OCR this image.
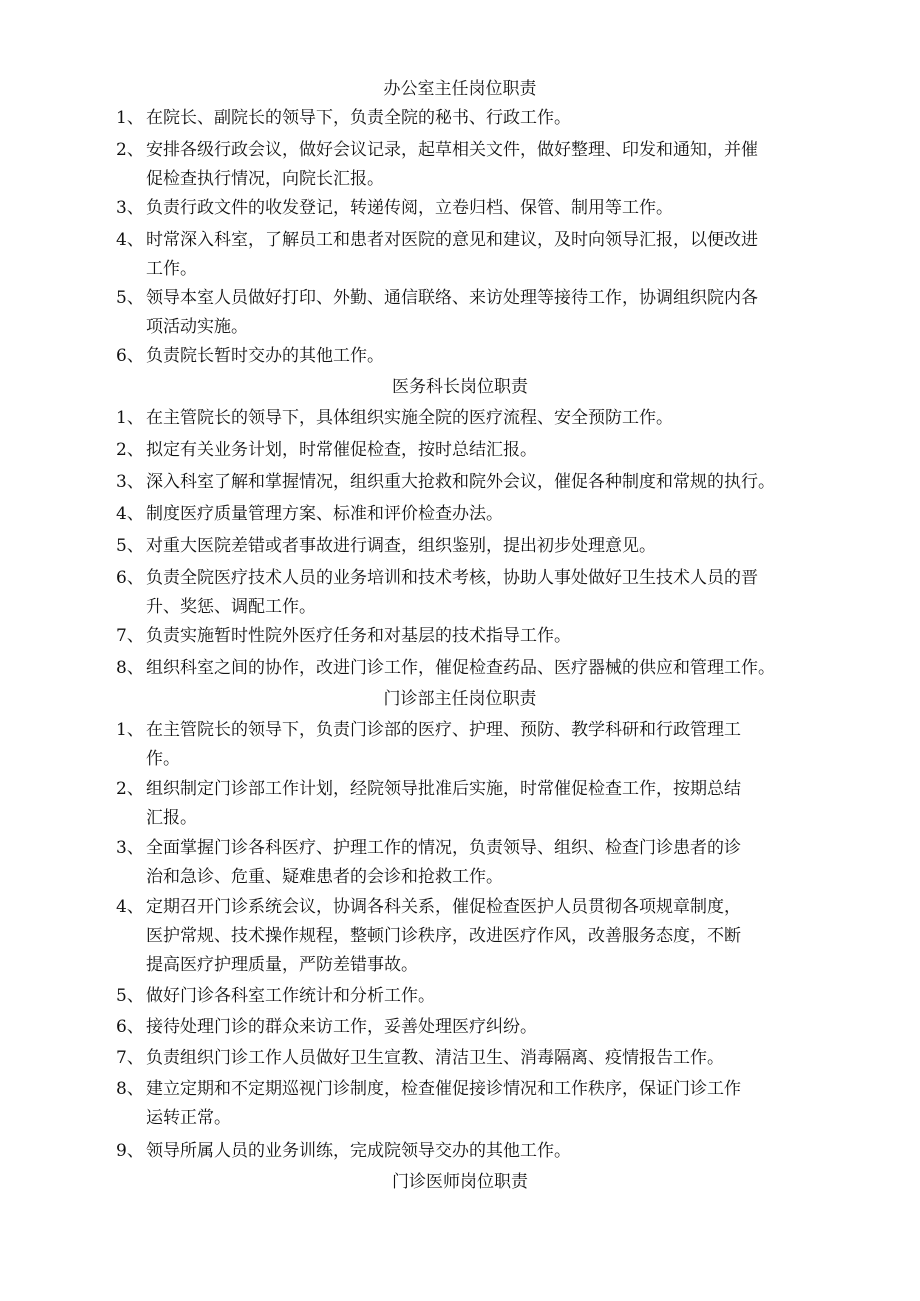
办公室主任岗位职责
1、 在院长、副院长的领导下，负责全院的秘书、行政工作。
2、 安排各级行政会议，做好会议记录，起草相关文件，做好整理、印发和通知，并催
促检查执行情况，向院长汇报。
3、 负责行政文件的收发登记，转递传阅，立卷归档、保管、制用等工作。
4、 时常深入科室，了解员工和患者对医院的意见和建议，及时向领导汇报，以便改进
工作。
5、 领导本室人员做好打印、外勤、通信联络、来访处理等接待工作，协调组织院内各
项活动实施。
6、 负责院长暂时交办的其他工作。
医务科长岗位职责
1、 在主管院长的领导下，具体组织实施全院的医疗流程、安全预防工作。
2、 拟定有关业务计划，时常催促检查，按时总结汇报。
3、 深入科室了解和掌握情况，组织重大抢救和院外会议，催促各种制度和常规的执行。
4、 制度医疗质量管理方案、标准和评价检查办法。
5、 对重大医院差错或者事故进行调查，组织鉴别，提出初步处理意见。
6、 负责全院医疗技术人员的业务培训和技术考核，协助人事处做好卫生技术人员的晋
升、奖惩、调配工作。
7、 负责实施暂时性院外医疗任务和对基层的技术指导工作。
8、 组织科室之间的协作，改进门诊工作，催促检查药品、医疗器械的供应和管理工作。
门诊部主任岗位职责
1、 在主管院长的领导下，负责门诊部的医疗、护理、预防、教学科研和行政管理工
作。
2、 组织制定门诊部工作计划，经院领导批准后实施，时常催促检查工作，按期总结
汇报。
3、 全面掌握门诊各科医疗、护理工作的情况，负责领导、组织、检查门诊患者的诊
治和急诊、危重、疑难患者的会诊和抢救工作。
4、 定期召开门诊系统会议，协调各科关系，催促检查医护人员贯彻各项规章制度，
医护常规、技术操作规程，整顿门诊秩序，改进医疗作风，改善服务态度，不断
提高医疗护理质量，严防差错事故。
5、 做好门诊各科室工作统计和分析工作。
6、 接待处理门诊的群众来访工作，妥善处理医疗纠纷。
7、 负责组织门诊工作人员做好卫生宣教、清洁卫生、消毒隔离、疫情报告工作。
8、 建立定期和不定期巡视门诊制度，检查催促接诊情况和工作秩序，保证门诊工作
运转正常。
9、 领导所属人员的业务训练，完成院领导交办的其他工作。
门诊医师岗位职责
